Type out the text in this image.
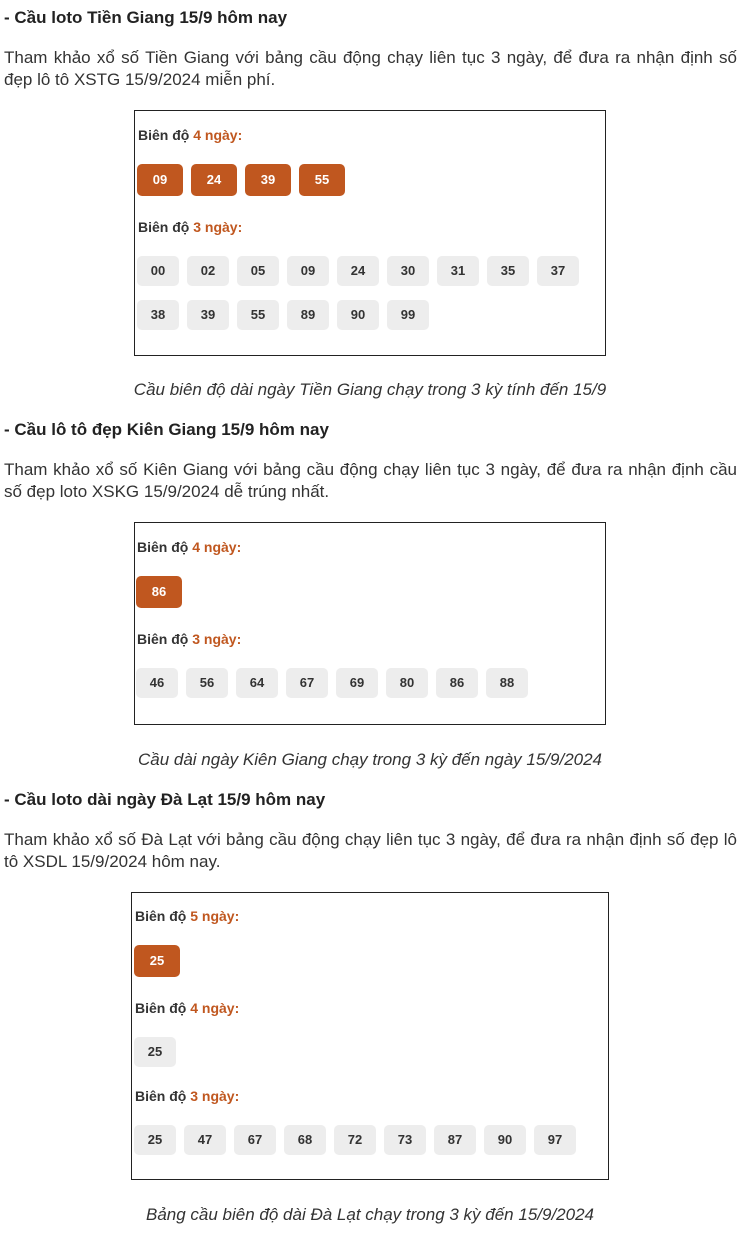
- Cầu loto Tiền Giang 15/9 hôm nay

Tham khảo xổ số Tiền Giang với bảng cầu động chạy liên tục 3 ngày, để đưa ra nhận định số đẹp lô tô XSTG 15/9/2024 miễn phí.

Biên độ 4 ngày:
09	24	39	55
Biên độ 3 ngày:
00	02	05	09	24	30	31	35	37
38	39	55	89	90	99

Cầu biên độ dài ngày Tiền Giang chạy trong 3 kỳ tính đến 15/9

- Cầu lô tô đẹp Kiên Giang 15/9 hôm nay

Tham khảo xổ số Kiên Giang với bảng cầu động chạy liên tục 3 ngày, để đưa ra nhận định cầu số đẹp loto XSKG 15/9/2024 dễ trúng nhất.

Biên độ 4 ngày:
86
Biên độ 3 ngày:
46	56	64	67	69	80	86	88

Cầu dài ngày Kiên Giang chạy trong 3 kỳ đến ngày 15/9/2024

- Cầu loto dài ngày Đà Lạt 15/9 hôm nay

Tham khảo xổ số Đà Lạt với bảng cầu động chạy liên tục 3 ngày, để đưa ra nhận định số đẹp lô tô XSDL 15/9/2024 hôm nay.

Biên độ 5 ngày:
25
Biên độ 4 ngày:
25
Biên độ 3 ngày:
25	47	67	68	72	73	87	90	97

Bảng cầu biên độ dài Đà Lạt chạy trong 3 kỳ đến 15/9/2024
